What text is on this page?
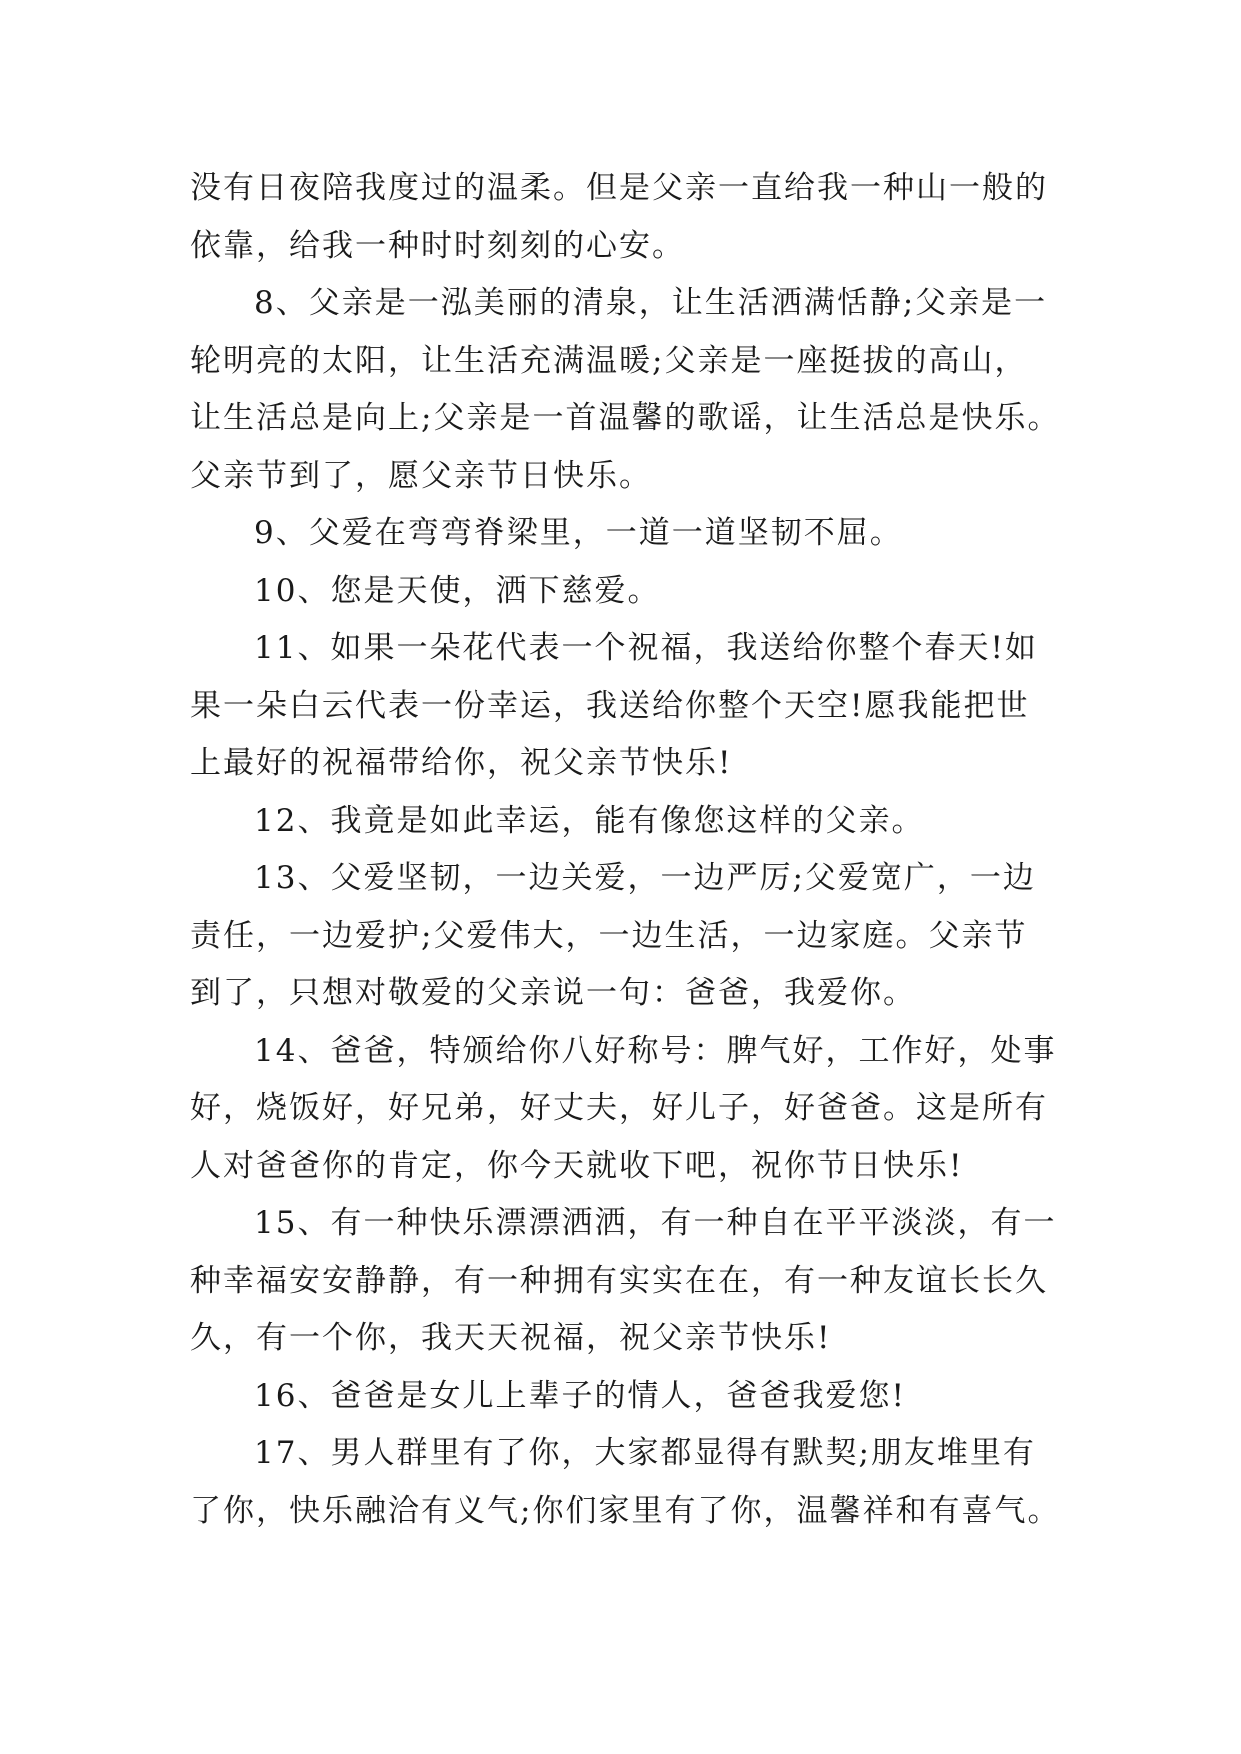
没有日夜陪我度过的温柔。但是父亲一直给我一种山一般的

依靠，给我一种时时刻刻的心安。

8、父亲是一泓美丽的清泉，让生活洒满恬静;父亲是一

轮明亮的太阳，让生活充满温暖;父亲是一座挺拔的高山，

让生活总是向上;父亲是一首温馨的歌谣，让生活总是快乐。

父亲节到了，愿父亲节日快乐。

9、父爱在弯弯脊梁里，一道一道坚韧不屈。

10、您是天使，洒下慈爱。

11、如果一朵花代表一个祝福，我送给你整个春天!如

果一朵白云代表一份幸运，我送给你整个天空!愿我能把世

上最好的祝福带给你，祝父亲节快乐!

12、我竟是如此幸运，能有像您这样的父亲。

13、父爱坚韧，一边关爱，一边严厉;父爱宽广，一边

责任，一边爱护;父爱伟大，一边生活，一边家庭。父亲节

到了，只想对敬爱的父亲说一句：爸爸，我爱你。

14、爸爸，特颁给你八好称号：脾气好，工作好，处事

好，烧饭好，好兄弟，好丈夫，好儿子，好爸爸。这是所有

人对爸爸你的肯定，你今天就收下吧，祝你节日快乐!

15、有一种快乐漂漂洒洒，有一种自在平平淡淡，有一

种幸福安安静静，有一种拥有实实在在，有一种友谊长长久

久，有一个你，我天天祝福，祝父亲节快乐!

16、爸爸是女儿上辈子的情人，爸爸我爱您!

17、男人群里有了你，大家都显得有默契;朋友堆里有

了你，快乐融洽有义气;你们家里有了你，温馨祥和有喜气。
